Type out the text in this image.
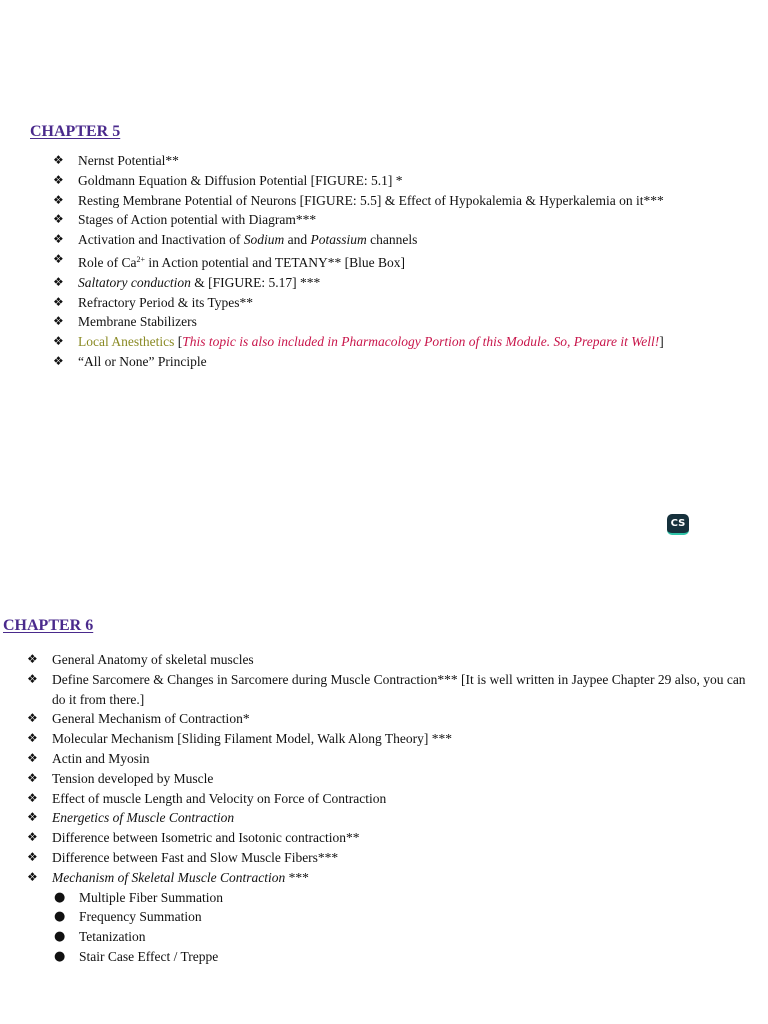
CHAPTER 5
❖ Nernst Potential**
❖ Goldmann Equation & Diffusion Potential [FIGURE: 5.1] *
❖ Resting Membrane Potential of Neurons [FIGURE: 5.5] & Effect of Hypokalemia & Hyperkalemia on it***
❖ Stages of Action potential with Diagram***
❖ Activation and Inactivation of Sodium and Potassium channels
❖ Role of $Ca^{2+}$ in Action potential and TETANY** [Blue Box]
❖ Saltatory conduction & [FIGURE: 5.17] ***
❖ Refractory Period & its Types**
❖ Membrane Stabilizers
❖ Local Anesthetics [This topic is also included in Pharmacology Portion of this Module. So, Prepare it Well!]
❖ “All or None” Principle
CS
CHAPTER 6
❖ General Anatomy of skeletal muscles
❖ Define Sarcomere & Changes in Sarcomere during Muscle Contraction*** [It is well written in Jaypee Chapter 29 also, you can do it from there.]
❖ General Mechanism of Contraction*
❖ Molecular Mechanism [Sliding Filament Model, Walk Along Theory] ***
❖ Actin and Myosin
❖ Tension developed by Muscle
❖ Effect of muscle Length and Velocity on Force of Contraction
❖ Energetics of Muscle Contraction
❖ Difference between Isometric and Isotonic contraction**
❖ Difference between Fast and Slow Muscle Fibers***
❖ Mechanism of Skeletal Muscle Contraction ***
● Multiple Fiber Summation
● Frequency Summation
● Tetanization
● Stair Case Effect / Treppe
